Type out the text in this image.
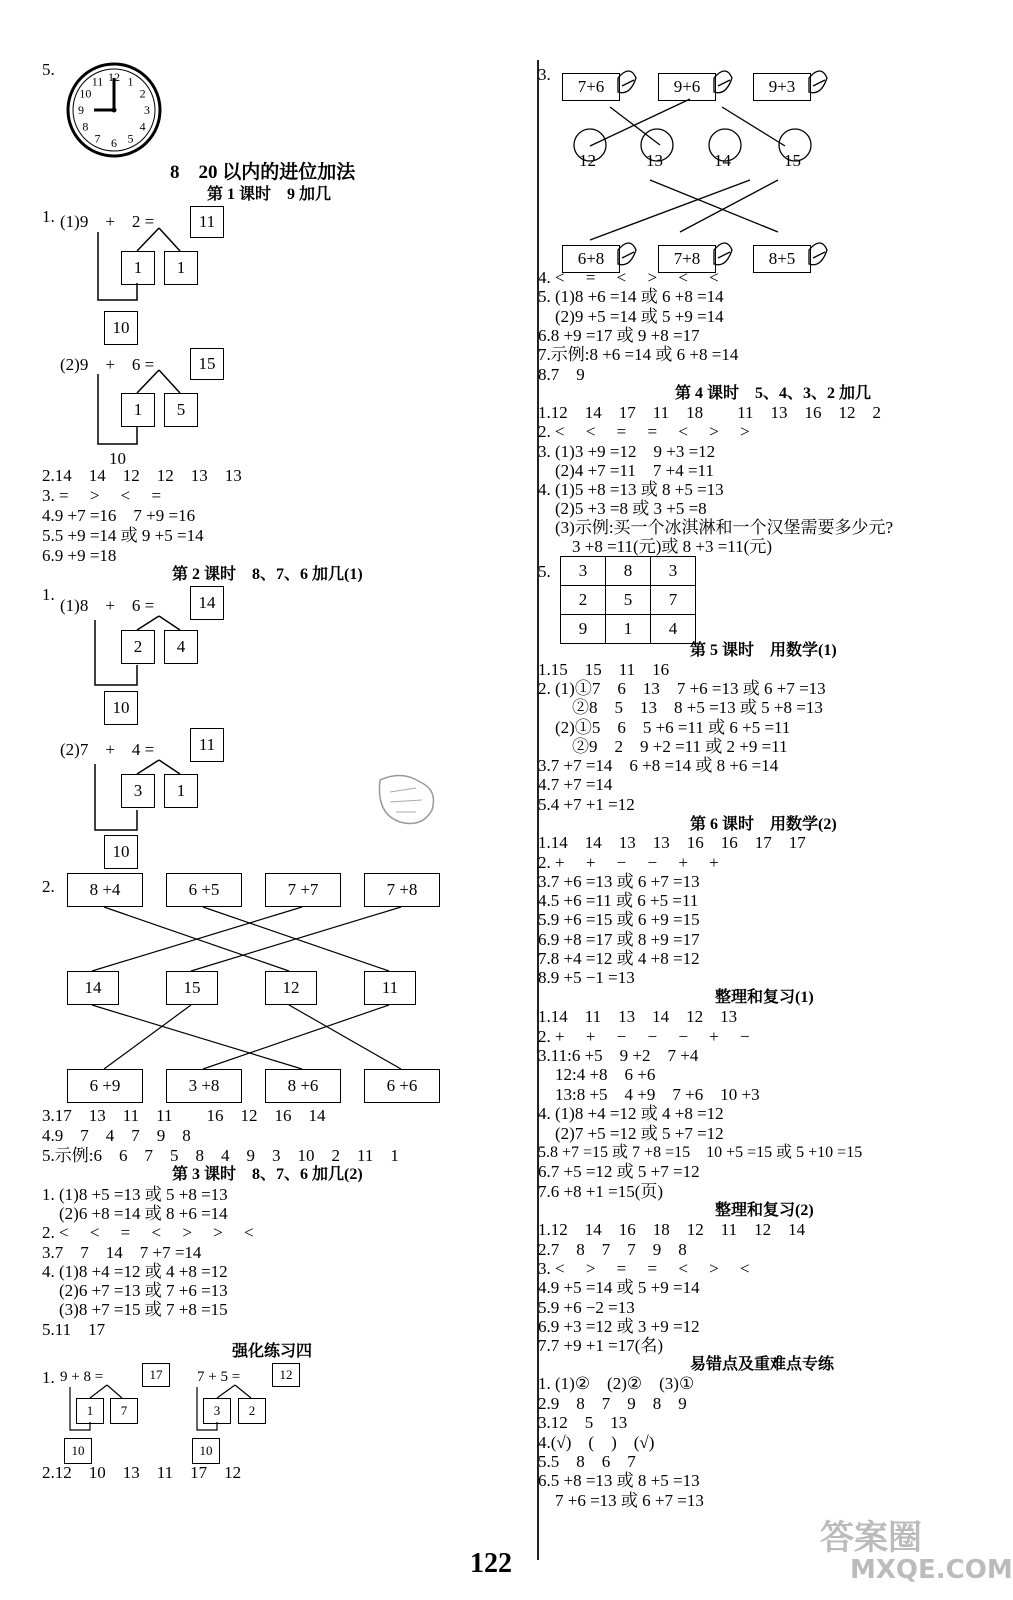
5.	12 1
2
3
4
5
6
7
8
9
10
11
8　20 以内的进位加法
第 1 课时　9 加几
1. (1)9　+　2 =	11
1	1
10
(2)9　+　6 =	15
1	5
10
2.14　14　12　12　13　13
3. =　 >　 <　 =
4.9 +7 =16　7 +9 =16
5.5 +9 =14 或 9 +5 =14
6.9 +9 =18
第 2 课时　8、7、6 加几(1)
1.
(1)8　+　6 =	14
2	4
10
(2)7　+　4 =	11
3	1
10
2.	8 +4	6 +5	7 +7	7 +8
14	15	12	11
6 +9	3 +8	8 +6	6 +6
3.17　13　11　11　　16　12　16　14
4.9　7　4　7　9　8
5.示例:6　6　7　5　8　4　9　3　10　2　11　1
第 3 课时　8、7、6 加几(2)
1. (1)8 +5 =13 或 5 +8 =13
　(2)6 +8 =14 或 8 +6 =14
2. <　 <　 =　 <　 >　 >　 <
3.7　7　14　7 +7 =14
4. (1)8 +4 =12 或 4 +8 =12
　(2)6 +7 =13 或 7 +6 =13
　(3)8 +7 =15 或 7 +8 =15
5.11　17
强化练习四
1. 9 + 8 =	17
1	7
10
7 + 5 =	12
3	2
10
2.12　10　13　11　17　12
3.
7+6	9+6	9+3
6+8	7+8	8+5
12	13	14	15
4. <　 =　 <　 >　 <　 <
5. (1)8 +6 =14 或 6 +8 =14
　(2)9 +5 =14 或 5 +9 =14
6.8 +9 =17 或 9 +8 =17
7.示例:8 +6 =14 或 6 +8 =14
8.7　9
第 4 课时　5、4、3、2 加几
1.12　14　17　11　18　　11　13　16　12　2
2. <　 <　 =　 =　 <　 >　 >
3. (1)3 +9 =12　9 +3 =12
　(2)4 +7 =11　7 +4 =11
4. (1)5 +8 =13 或 8 +5 =13
　(2)5 +3 =8 或 3 +5 =8
　(3)示例:买一个冰淇淋和一个汉堡需要多少元?
　　3 +8 =11(元)或 8 +3 =11(元)
5. 3	8	3
2	5	7
9	1	4
第 5 课时　用数学(1)
1.15　15　11　16
2. (1)①7　6　13　7 +6 =13 或 6 +7 =13
　　②8　5　13　8 +5 =13 或 5 +8 =13
　(2)①5　6　5 +6 =11 或 6 +5 =11
　　②9　2　9 +2 =11 或 2 +9 =11
3.7 +7 =14　6 +8 =14 或 8 +6 =14
4.7 +7 =14
5.4 +7 +1 =12
第 6 课时　用数学(2)
1.14　14　13　13　16　16　17　17
2. +　 +　 −　 −　 +　 +
3.7 +6 =13 或 6 +7 =13
4.5 +6 =11 或 6 +5 =11
5.9 +6 =15 或 6 +9 =15
6.9 +8 =17 或 8 +9 =17
7.8 +4 =12 或 4 +8 =12
8.9 +5 −1 =13
整理和复习(1)
1.14　11　13　14　12　13
2. +　 +　 −　 −　 −　 +　 −
3.11:6 +5　9 +2　7 +4
　12:4 +8　6 +6
　13:8 +5　4 +9　7 +6　10 +3
4. (1)8 +4 =12 或 4 +8 =12
　(2)7 +5 =12 或 5 +7 =12
5.8 +7 =15 或 7 +8 =15　10 +5 =15 或 5 +10 =15
6.7 +5 =12 或 5 +7 =12
7.6 +8 +1 =15(页)
整理和复习(2)
1.12　14　16　18　12　11　12　14
2.7　8　7　7　9　8
3. <　 >　 =　 =　 <　 >　 <
4.9 +5 =14 或 5 +9 =14
5.9 +6 −2 =13
6.9 +3 =12 或 3 +9 =12
7.7 +9 +1 =17(名)
易错点及重难点专练
1. (1)②　(2)②　(3)①
2.9　8　7　9　8　9
3.12　5　13
4.(√)　(　)　(√)
5.5　8　6　7
6.5 +8 =13 或 8 +5 =13
　7 +6 =13 或 6 +7 =13
122
答案圈
MXQE.COM
